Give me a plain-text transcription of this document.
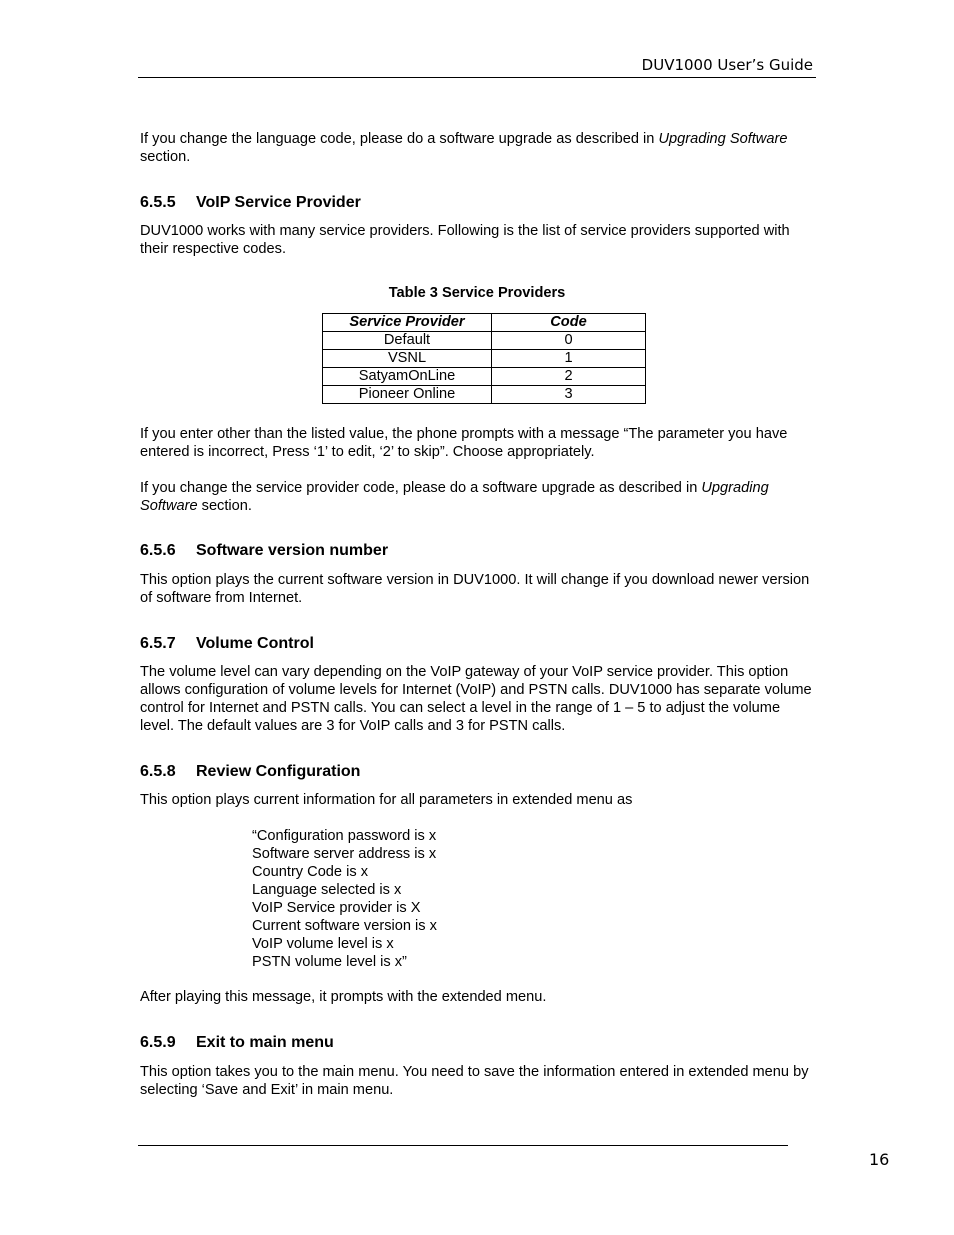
DUV1000 User’s Guide

If you change the language code, please do a software upgrade as described in Upgrading Software section.

6.5.5 VoIP Service Provider

DUV1000 works with many service providers. Following is the list of service providers supported with their respective codes.

Table 3 Service Providers
Service Provider	Code
Default	0
VSNL	1
SatyamOnLine	2
Pioneer Online	3

If you enter other than the listed value, the phone prompts with a message “The parameter you have entered is incorrect, Press ‘1’ to edit, ‘2’ to skip”. Choose appropriately.

If you change the service provider code, please do a software upgrade as described in Upgrading Software section.

6.5.6 Software version number

This option plays the current software version in DUV1000. It will change if you download newer version of software from Internet.

6.5.7 Volume Control

The volume level can vary depending on the VoIP gateway of your VoIP service provider. This option allows configuration of volume levels for Internet (VoIP) and PSTN calls. DUV1000 has separate volume control for Internet and PSTN calls. You can select a level in the range of 1 – 5 to adjust the volume level. The default values are 3 for VoIP calls and 3 for PSTN calls.

6.5.8 Review Configuration

This option plays current information for all parameters in extended menu as

“Configuration password is x
Software server address is x
Country Code is x
Language selected is x
VoIP Service provider is X
Current software version is x
VoIP volume level is x
PSTN volume level is x”

After playing this message, it prompts with the extended menu.

6.5.9 Exit to main menu

This option takes you to the main menu. You need to save the information entered in extended menu by selecting ‘Save and Exit’ in main menu.

16
